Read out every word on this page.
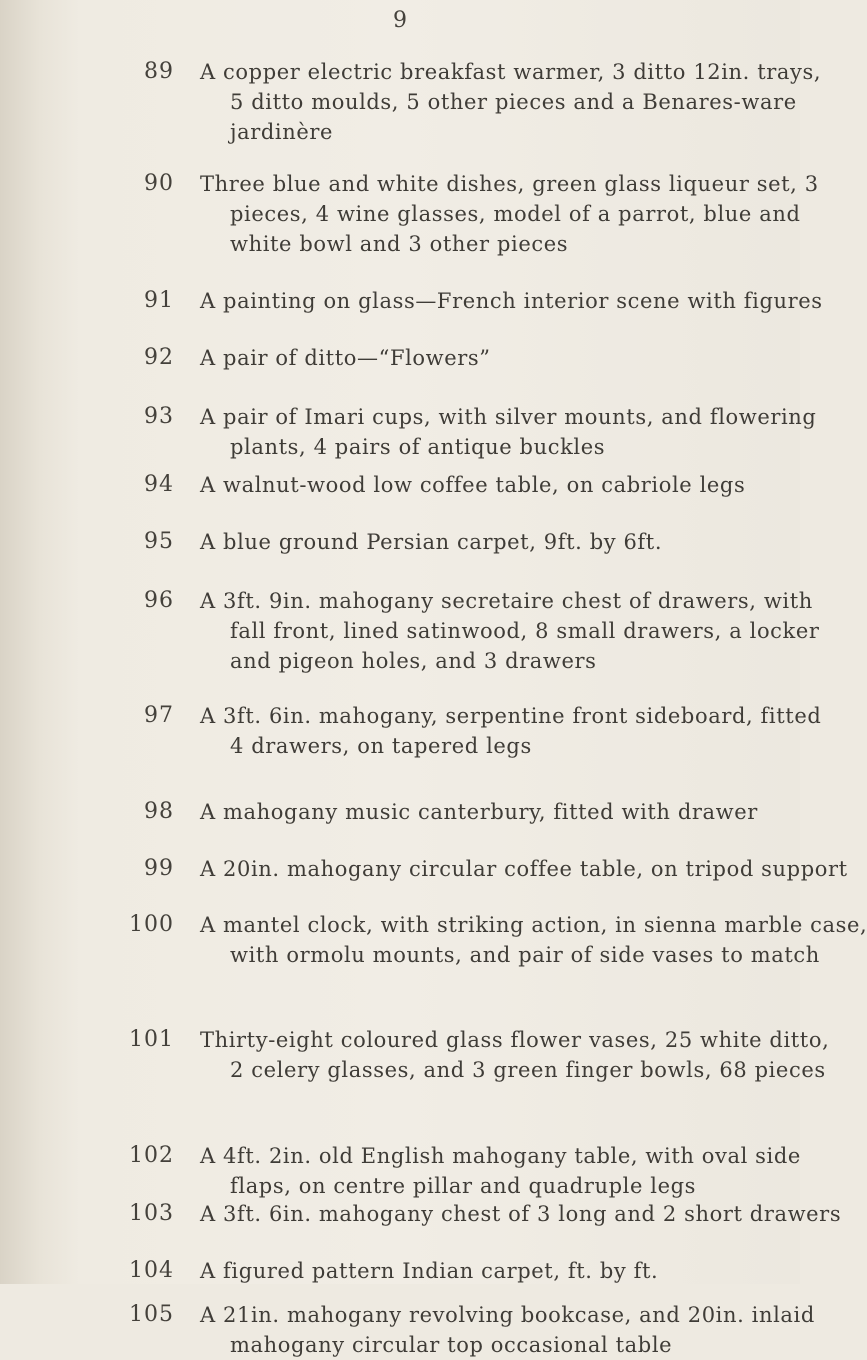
9
89 A copper electric breakfast warmer, 3 ditto 12in. trays,
5 ditto moulds, 5 other pieces and a Benares-ware
jardinère
90 Three blue and white dishes, green glass liqueur set, 3
pieces, 4 wine glasses, model of a parrot, blue and
white bowl and 3 other pieces
91 A painting on glass—French interior scene with figures
92 A pair of ditto—“Flowers”
93 A pair of Imari cups, with silver mounts, and flowering
plants, 4 pairs of antique buckles
94 A walnut-wood low coffee table, on cabriole legs
95 A blue ground Persian carpet, 9ft. by 6ft.
96 A 3ft. 9in. mahogany secretaire chest of drawers, with
fall front, lined satinwood, 8 small drawers, a locker
and pigeon holes, and 3 drawers
97 A 3ft. 6in. mahogany, serpentine front sideboard, fitted
4 drawers, on tapered legs
98 A mahogany music canterbury, fitted with drawer
99 A 20in. mahogany circular coffee table, on tripod support
100 A mantel clock, with striking action, in sienna marble case,
with ormolu mounts, and pair of side vases to match
101 Thirty-eight coloured glass flower vases, 25 white ditto,
2 celery glasses, and 3 green finger bowls, 68 pieces
102 A 4ft. 2in. old English mahogany table, with oval side
flaps, on centre pillar and quadruple legs
103 A 3ft. 6in. mahogany chest of 3 long and 2 short drawers
104 A figured pattern Indian carpet, ft. by ft.
105 A 21in. mahogany revolving bookcase, and 20in. inlaid
mahogany circular top occasional table
